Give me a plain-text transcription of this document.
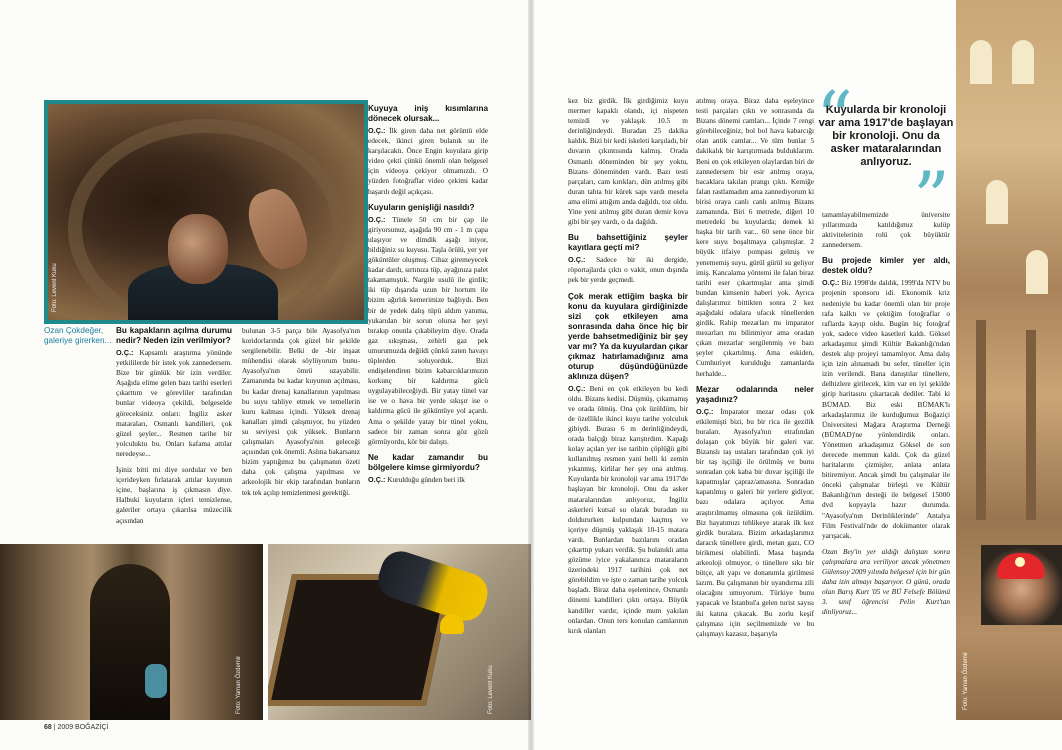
Foto: Levent Kuku
Ozan Çokdeğer, galeriye girerken...
Bu kapakların açılma durumu nedir? Neden izin verilmiyor?

O.Ç.: Kapsamlı araştırma yönünde yetkililerde bir istek yok zannedersem. Bize bir günlük bir izin verdiler. Aşağıda elime gelen bazı tarihi eserleri çıkarttım ve görevliler tarafından bunlar videoya çekildi, belgeselde göreceksiniz onları: İngiliz asker mataraları, Osmanlı kandilleri, çok güzel şeyler... Resmen tarihe bir yolculuktu bu. Onları kafama attılar neredeyse...

İşiniz bitti mi diye sordular ve ben içerideyken fırlatarak attılar kuyunun içine, başlarına iş çıkmasın diye. Halbuki kuyuların içleri temizlense, galeriler ortaya çıkarılsa müzecilik açısından

bulunan 3-5 parça bile Ayasofya'nın koridorlarında çok güzel bir şekilde sergilenebilir. Belki de -bir inşaat mühendisi olarak söylüyorum bunu- Ayasofya'nın ömrü uzayabilir. Zamanında bu kadar kuyunun açılması, bu kadar drenaj kanallarının yapılması bu suyu tahliye etmek ve temellerin kuru kalması içindi. Yüksek drenaj kanalları şimdi çalışmıyor, bu yüzden su seviyesi çok yüksek. Bunların çalışmaları Ayasofya'nın geleceği açısından çok önemli. Aslına bakarsanız bizim yaptığımız bu çalışmanın özeti daha çok çalışma yapılması ve arkeolojik bir ekip tarafından bunların tek tek açılıp temizlenmesi gerektiği.

Kuyuya iniş kısımlarına dönecek olursak...

O.Ç.: İlk giren daha net görüntü elde edecek, ikinci giren bulanık su ile karşılacaktı. Önce Engin kuyulara girip video çekti çünkü önemli olan belgesel için videoya çekiyor olmamızdı. O yüzden fotoğraflar video çekimi kadar başarılı değil açıkçası.

Kuyuların genişliği nasıldı?

O.Ç.: Tünele 50 cm bir çap ile giriyorsunuz, aşağıda 90 cm - 1 m çapa ulaşıyor ve dimdik aşağı iniyor, bildiğiniz su kuyusu. Taşla örülü, yer yer göküntüler oluşmuş. Cihaz giremeyecek kadar dardı, sırtınıza tüp, ayağınıza palet takamamıştık. Nargile usulü ile girdik; iki tüp dışarıda uzun bir hortum ile bizim ağırlık kemerimize bağlıydı. Ben bir de yedek dalış tüpü aldım yanıma, yukarıdan bir sorun olursa her şeyi bırakıp onunla çıkabileyim diye. Orada gaz sıkışması, zehirli gaz pek umurumuzda değildi çünkü zaten havayı tüplerden soluyorduk. Bizi endişelendiren bizim kabarcıklarımızın korkunç bir kaldırma gücü uygulayabileceğiydi. Bir yatay tünel var ise ve o hava bir yerde sıkışır ise o kaldırma gücü ile göküntüye yol açardı. Ama o şekilde yatay bir tünel yoktu, sadece bir zaman sonra göz gözü görmüyordu, kör bir dalıştı.

Ne kadar zamandır bu bölgelere kimse girmiyordu?

O.Ç.: Kurulduğu günden beri ilk

Foto: Yaman Özdemir	Foto: Levent Kuku
68 | 2009 BOĞAZİÇİ
Foto: Yaman Özdemir

kez biz girdik. İlk girdiğimiz kuyu mermer kapaklı olandı, içi nispeten temizdi ve yaklaşık 10.5 m derinliğindeydi. Buradan 25 dakika kaldık. Bizi bir kedi iskeleti karşıladı, bir duvarın çıkıntısında kalmış. Orada Osmanlı döneminden bir şey yoktu, Bizans döneminden vardı. Bazı testi parçaları, cam kırıkları, dün atılmış gibi duran tahta bir kürek sapı vardı mesela ama elimi attığım anda dağıldı, toz oldu. Yine yeni atılmış gibi duran demir kova gibi bir şey vardı, o da dağıldı.

Bu bahsettiğiniz şeyler kayıtlara geçti mi?

O.Ç.: Sadece bir iki dergide, röportajlarda çıktı o vakit, onun dışında pek bir yerde geçmedi.

Çok merak ettiğim başka bir konu da kuyulara girdiğinizde sizi çok etkileyen ama sonrasında daha önce hiç bir yerde bahsetmediğiniz bir şey var mı? Ya da kuyulardan çıkar çıkmaz hatırlamadığınız ama oturup düşündüğünüzde aklınıza düşen?

O.Ç.: Beni en çok etkileyen bu kedi oldu. Bizans kedisi. Düşmüş, çıkamamış ve orada ölmüş. Ona çok üzüldüm, bir de özellikle ikinci kuyu tarihe yolculuk gibiydi. Burası 6 m derinliğindeydi, orada balçığı biraz karıştırdım. Kapağı kolay açılan yer ise tarihin çöplüğü gibi kullanılmış resmen yani belli ki zemin yıkanmış, kirlilar her şey ona atılmış. Kuyularda bir kronoloji var ama 1917'de başlayan bir kronoloji. Onu da asker mataralarından anlıyoruz, İngiliz askerleri kutsal su olarak buradan su doldururken kulpundan kaçmış ve içeriye düşmüş yaklaşık 10-15 matara vardı. Bunlardan bazılarını oradan çıkarttıp yukarı verdik. Şu bulanıklı ama gözüme iyice yakalanınca mataraların üzerindeki 1917 tarihini çok net görebildim ve işte o zaman tarihe yolcuk başladı. Biraz daha eşelenince, Osmanlı dönemi kandilleri çıktı ortaya. Büyük kandiller vardır, içinde mum yakılan onlardan. Onun ters konulan camlarının kırık olanları

atılmış oraya. Biraz daha eşeleyince testi parçaları çıktı ve sonrasında da Bizans dönemi camları... İçinde 7 rengi görebileceğiniz, bol bol hava kabarcığı olan antik camlar... Ve tüm bunlar 5 dakikalık bir karıştırmada bulduklarım. Beni en çok etkileyen olaylardan biri de zannedersem bir esir atılmış oraya, bacaklara takılan prangı çıktı. Kemiğe falan rastlamadım ama zannediyorum ki birisi oraya canlı canlı atılmış Bizans zamanında. Biri 6 metrede, diğeri 10 metredeki bu kuyularda; demek ki başka bir tarih var... 60 sene önce bir kere suyu boşaltmaya çalışmışlar. 2 büyük itfaiye pompası gelmiş ve yenememiş suyu, gürül gürül su geliyor imiş. Kancalama yöntemi ile falan biraz tarihi eser çıkartmışlar ama şimdi bundan kimsenin haberi yok. Ayrıca dalışlarımız bittikten sonra 2 kez aşağıdaki odalara ufacık tünellerden girdik. Rahip mezarları mı imparator mezarları mı bilinmiyor ama oradan çıkan mezarlar sergilenmiş ve bazı şeyler çıkartılmış. Ama eskiden, Cumhuriyet kurulduğu zamanlarda herhalde...

Mezar odalarında neler yaşadınız?

O.Ç.: İmparator mezar odası çok etkilemişti bizi, bu bir rica ile gezilik buraları. Ayasofya'nın etrafından dolaşan çok büyük bir galeri var. Bizanslı taş ustaları tarafından çok iyi bir taş işçiliği ile örülmüş ve bunu sonradan çok kaba bir duvar işçiliği ile kapatmışlar çapraz/amasına. Sonradan kapatılmış o galeri bir yerlere gidiyor, bazı odalara açılıyor. Ama araştırılmamış olmasına çok üzüldüm. Biz hayatımızı tehlikeye atarak ilk kez girdik buralara. Bizim arkadaşlarımız daracık tünellere girdi, metan gazı, CO birikmesi olabilirdi. Masa başında arkeoloji olmuyor, o tünellere sıkı bir bütçe, alt yapı ve donanımla girilmesi lazım. Bu çalışmanın bir uyandırma zili olacağını umuyorum. Türkiye bunu yapacak ve İstanbul'a gelen turist sayısı iki katına çıkacak. Bu zorlu keşif çalışması için seçilmemizde ve bu çalışmayı kazasız, başarıyla

“
”
Kuyularda bir kronoloji var ama 1917'de başlayan bir kronoloji. Onu da asker mataralarından anlıyoruz.

tamamlayabilmemizde üniversite yıllarımızda katıldığımız kulüp aktivitelerinin rolü çok büyüktür zannedersem.

Bu projede kimler yer aldı, destek oldu?

O.Ç.: Biz 1998'de daldık, 1999'da NTV bu projenin sponsoru idi. Ekonomik kriz nedeniyle bu kadar önemli olan bir proje rafa kalktı ve çektiğim fotoğraflar o raflarda kayıp oldu. Bugün hiç fotoğraf yok, sadece video kasetleri kaldı. Göksel arkadaşımız şimdi Kültür Bakanlığı'ndan destek alıp projeyi tamamlıyor. Ama dalış için izin alınamadı bu sefer, tüneller için izin verilendi. Bana danıştılar tünellere, delhizlere girilecek, kim var en iyi şekilde girip haritasını çıkartacak dediler. Tabi ki BÜMAD. Biz eski BÜMAK'lı arkadaşlarımız ile kurduğumuz Boğaziçi Üniversitesi Mağara Araştırma Derneği (BÜMAD)'ne yönlendirdik onları. Yönetmen arkadaşımız Göksel de son derecede memnun kaldı. Çok da güzel haritalarını çizmişler, anlata anlata bitiremiyor. Ancak şimdi bu çalışmalar ile önceki çalışmalar birleşti ve Kültür Bakanlığı'nın desteği ile belgesel 15000 dvd kopyayla hazır durumda. "Ayasofya'nın Derinliklerinde" Antalya Film Festivali'nde de dokümanter olarak yarışacak.

Ozan Bey'in yer aldığı dalıştan sonra çalışmalara ara veriliyor ancak yönetmen Gülensoy 2009 yılında belgesel için bir gün daha izin almayı başarıyor. O günü, orada olan Barış Kurt '05 ve BÜ Felsefe Bölümü 3. sınıf öğrencisi Pelin Kurt'tan dinliyoruz...

2009 BOĞAZİÇİ | 69
